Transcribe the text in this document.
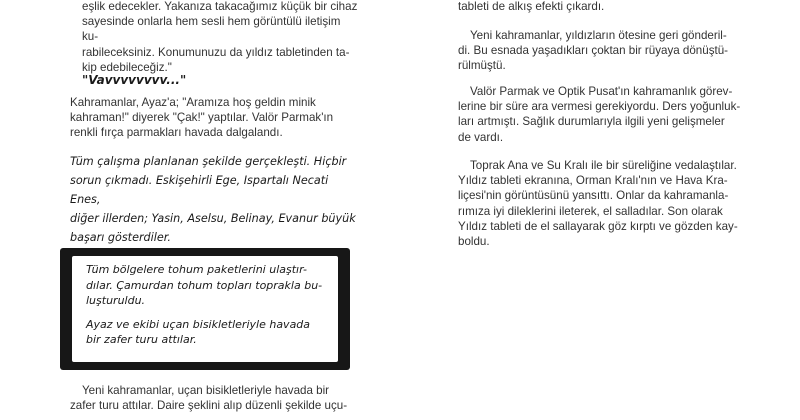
eşlik edecekler. Yakanıza takacağımız küçük bir cihaz

sayesinde onlarla hem sesli hem görüntülü iletişim ku-

rabileceksiniz. Konumunuzu da yıldız tabletinden ta-

kip edebileceğiz."

"Vavvvvvvvv..."

Kahramanlar, Ayaz'a; "Aramıza hoş geldin minik

kahraman!" diyerek "Çak!" yaptılar. Valör Parmak'ın

renkli fırça parmakları havada dalgalandı.

Tüm çalışma planlanan şekilde gerçekleşti. Hiçbir

sorun çıkmadı. Eskişehirli Ege, Ispartalı Necati Enes,

diğer illerden; Yasin, Aselsu, Belinay, Evanur büyük

başarı gösterdiler.

Tüm bölgelere tohum paketlerini ulaştır-
dılar. Çamurdan tohum topları toprakla bu-
luşturuldu.

Ayaz ve ekibi uçan bisikletleriyle havada
bir zafer turu attılar.

Yeni kahramanlar, uçan bisikletleriyle havada bir

zafer turu attılar. Daire şeklini alıp düzenli şekilde uçu-

tableti de alkış efekti çıkardı.

Yeni kahramanlar, yıldızların ötesine geri gönderil-

di. Bu esnada yaşadıkları çoktan bir rüyaya dönüştü-

rülmüştü.

Valör Parmak ve Optik Pusat'ın kahramanlık görev-

lerine bir süre ara vermesi gerekiyordu. Ders yoğunluk-

ları artmıştı. Sağlık durumlarıyla ilgili yeni gelişmeler

de vardı.

Toprak Ana ve Su Kralı ile bir süreliğine vedalaştılar.

Yıldız tableti ekranına, Orman Kralı'nın ve Hava Kra-

liçesi'nin görüntüsünü yansıttı. Onlar da kahramanla-

rımıza iyi dileklerini ileterek, el salladılar. Son olarak

Yıldız tableti de el sallayarak göz kırptı ve gözden kay-

boldu.
